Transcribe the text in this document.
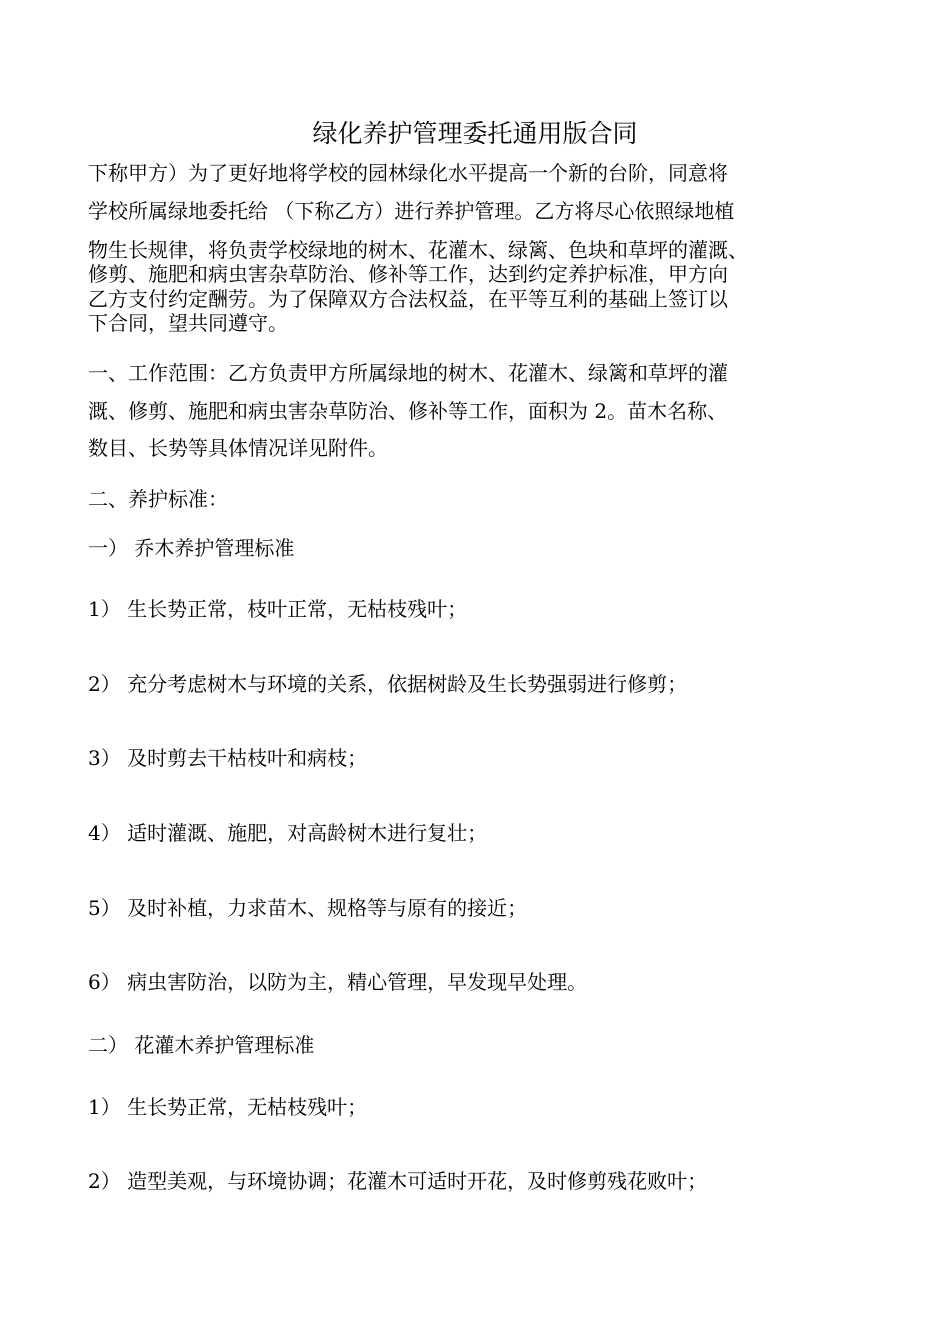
绿化养护管理委托通用版合同
下称甲方）为了更好地将学校的园林绿化水平提高一个新的台阶，同意将
学校所属绿地委托给 （下称乙方）进行养护管理。乙方将尽心依照绿地植
物生长规律，将负责学校绿地的树木、花灌木、绿篱、色块和草坪的灌溉、
修剪、施肥和病虫害杂草防治、修补等工作，达到约定养护标准，甲方向
乙方支付约定酬劳。为了保障双方合法权益，在平等互利的基础上签订以
下合同，望共同遵守。
一、工作范围：乙方负责甲方所属绿地的树木、花灌木、绿篱和草坪的灌
溉、修剪、施肥和病虫害杂草防治、修补等工作，面积为 2。苗木名称、
数目、长势等具体情况详见附件。
二、养护标准：
一） 乔木养护管理标准
1） 生长势正常，枝叶正常，无枯枝残叶；
2） 充分考虑树木与环境的关系，依据树龄及生长势强弱进行修剪；
3） 及时剪去干枯枝叶和病枝；
4） 适时灌溉、施肥，对高龄树木进行复壮；
5） 及时补植，力求苗木、规格等与原有的接近；
6） 病虫害防治，以防为主，精心管理，早发现早处理。
二） 花灌木养护管理标准
1） 生长势正常，无枯枝残叶；
2） 造型美观，与环境协调；花灌木可适时开花，及时修剪残花败叶；
